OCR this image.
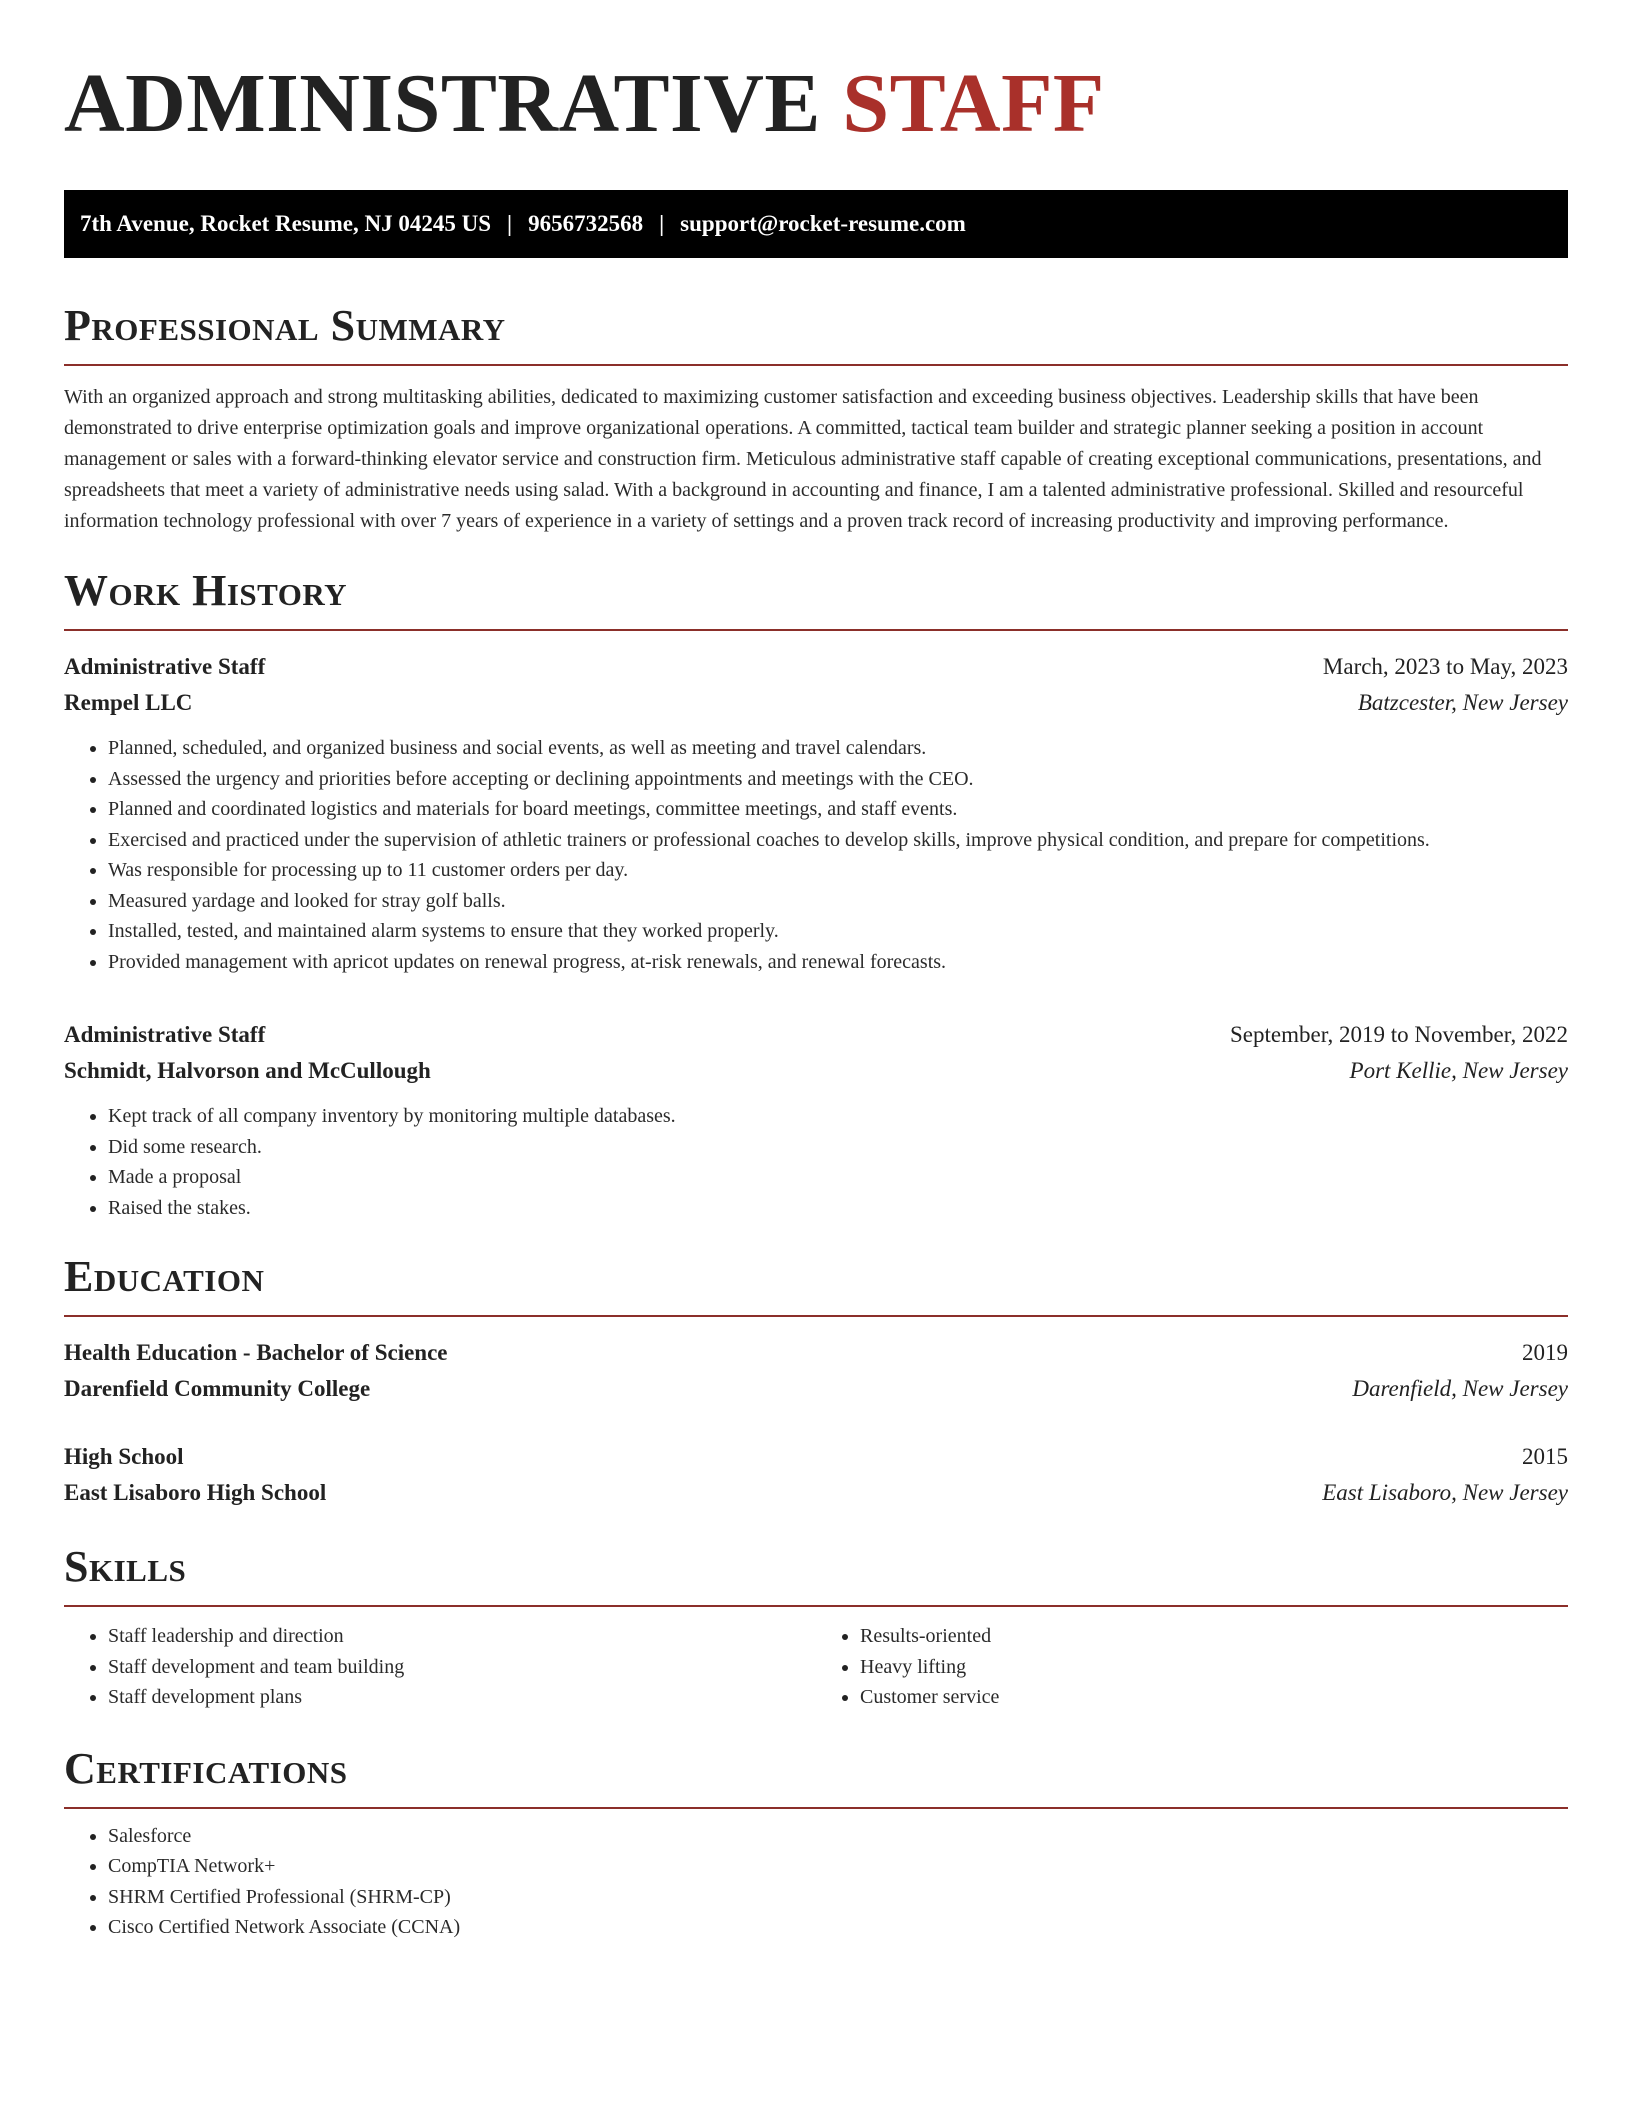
ADMINISTRATIVE STAFF
7th Avenue, Rocket Resume, NJ 04245 US | 9656732568 | support@rocket-resume.com
Professional Summary

With an organized approach and strong multitasking abilities, dedicated to maximizing customer satisfaction and exceeding business objectives. Leadership skills that have been demonstrated to drive enterprise optimization goals and improve organizational operations. A committed, tactical team builder and strategic planner seeking a position in account management or sales with a forward-thinking elevator service and construction firm. Meticulous administrative staff capable of creating exceptional communications, presentations, and spreadsheets that meet a variety of administrative needs using salad. With a background in accounting and finance, I am a talented administrative professional. Skilled and resourceful information technology professional with over 7 years of experience in a variety of settings and a proven track record of increasing productivity and improving performance.

Work History
Administrative Staff	March, 2023 to May, 2023
Rempel LLC	Batzcester, New Jersey
• Planned, scheduled, and organized business and social events, as well as meeting and travel calendars.
• Assessed the urgency and priorities before accepting or declining appointments and meetings with the CEO.
• Planned and coordinated logistics and materials for board meetings, committee meetings, and staff events.
• Exercised and practiced under the supervision of athletic trainers or professional coaches to develop skills, improve physical condition, and prepare for competitions.
• Was responsible for processing up to 11 customer orders per day.
• Measured yardage and looked for stray golf balls.
• Installed, tested, and maintained alarm systems to ensure that they worked properly.
• Provided management with apricot updates on renewal progress, at-risk renewals, and renewal forecasts.
Administrative Staff	September, 2019 to November, 2022
Schmidt, Halvorson and McCullough	Port Kellie, New Jersey
• Kept track of all company inventory by monitoring multiple databases.
• Did some research.
• Made a proposal
• Raised the stakes.
Education
Health Education - Bachelor of Science	2019
Darenfield Community College	Darenfield, New Jersey
High School	2015
East Lisaboro High School	East Lisaboro, New Jersey
Skills
• Staff leadership and direction
• Staff development and team building
• Staff development plans
• Results-oriented
• Heavy lifting
• Customer service
Certifications
• Salesforce
• CompTIA Network+
• SHRM Certified Professional (SHRM-CP)
• Cisco Certified Network Associate (CCNA)
